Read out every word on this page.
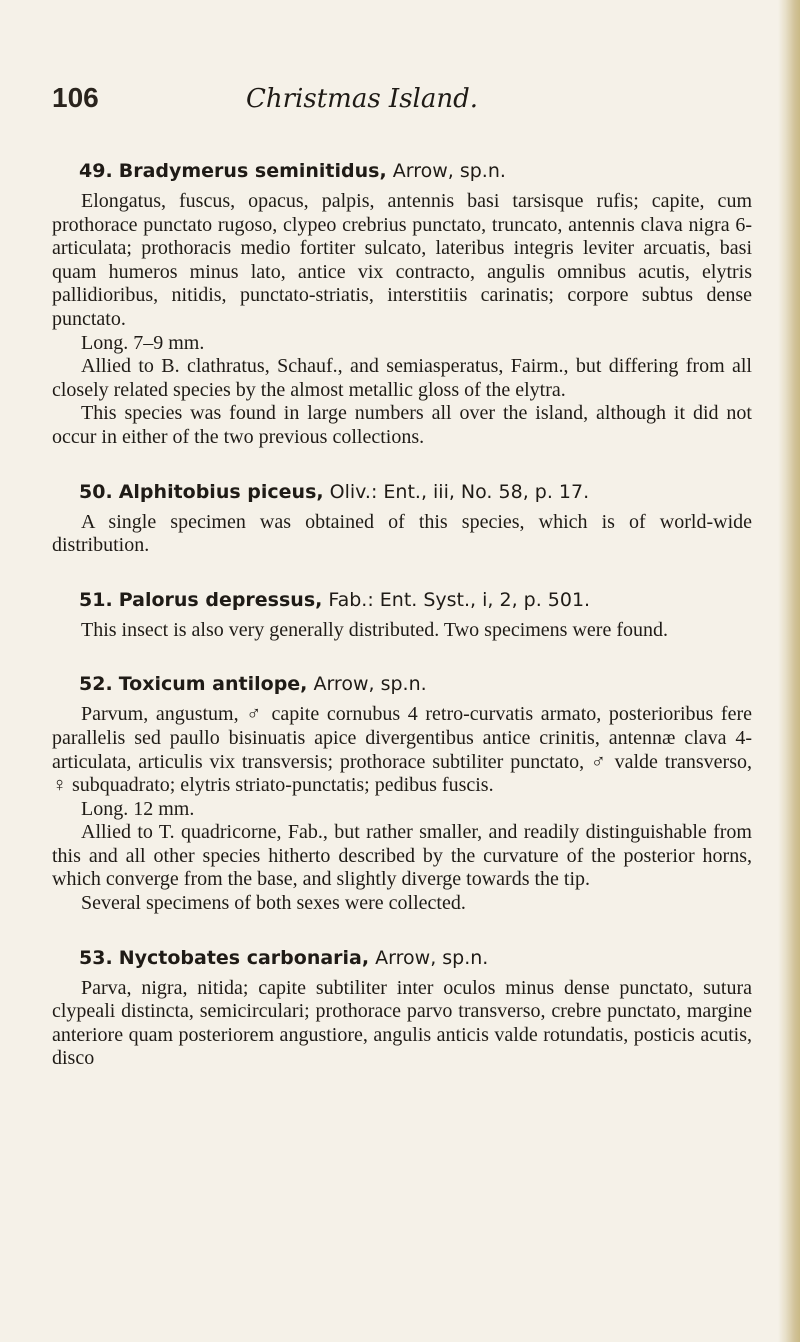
106	Christmas Island.
49. Bradymerus seminitidus, Arrow, sp.n.

Elongatus, fuscus, opacus, palpis, antennis basi tarsisque rufis; capite, cum prothorace punctato rugoso, clypeo crebrius punctato, truncato, antennis clava nigra 6-articulata; prothoracis medio fortiter sulcato, lateribus integris leviter arcuatis, basi quam humeros minus lato, antice vix contracto, angulis omnibus acutis, elytris pallidioribus, nitidis, punctato-striatis, interstitiis carinatis; corpore subtus dense punctato.

Long. 7–9 mm.

Allied to B. clathratus, Schauf., and semiasperatus, Fairm., but differing from all closely related species by the almost metallic gloss of the elytra.

This species was found in large numbers all over the island, although it did not occur in either of the two previous collections.

50. Alphitobius piceus, Oliv.: Ent., iii, No. 58, p. 17.

A single specimen was obtained of this species, which is of world-wide distribution.

51. Palorus depressus, Fab.: Ent. Syst., i, 2, p. 501.

This insect is also very generally distributed. Two specimens were found.

52. Toxicum antilope, Arrow, sp.n.

Parvum, angustum, ♂ capite cornubus 4 retro-curvatis armato, posterioribus fere parallelis sed paullo bisinuatis apice divergentibus antice crinitis, antennæ clava 4-articulata, articulis vix transversis; prothorace subtiliter punctato, ♂ valde transverso, ♀ subquadrato; elytris striato-punctatis; pedibus fuscis.

Long. 12 mm.

Allied to T. quadricorne, Fab., but rather smaller, and readily distinguishable from this and all other species hitherto described by the curvature of the posterior horns, which converge from the base, and slightly diverge towards the tip.

Several specimens of both sexes were collected.

53. Nyctobates carbonaria, Arrow, sp.n.

Parva, nigra, nitida; capite subtiliter inter oculos minus dense punctato, sutura clypeali distincta, semicirculari; prothorace parvo transverso, crebre punctato, margine anteriore quam posteriorem angustiore, angulis anticis valde rotundatis, posticis acutis, disco
